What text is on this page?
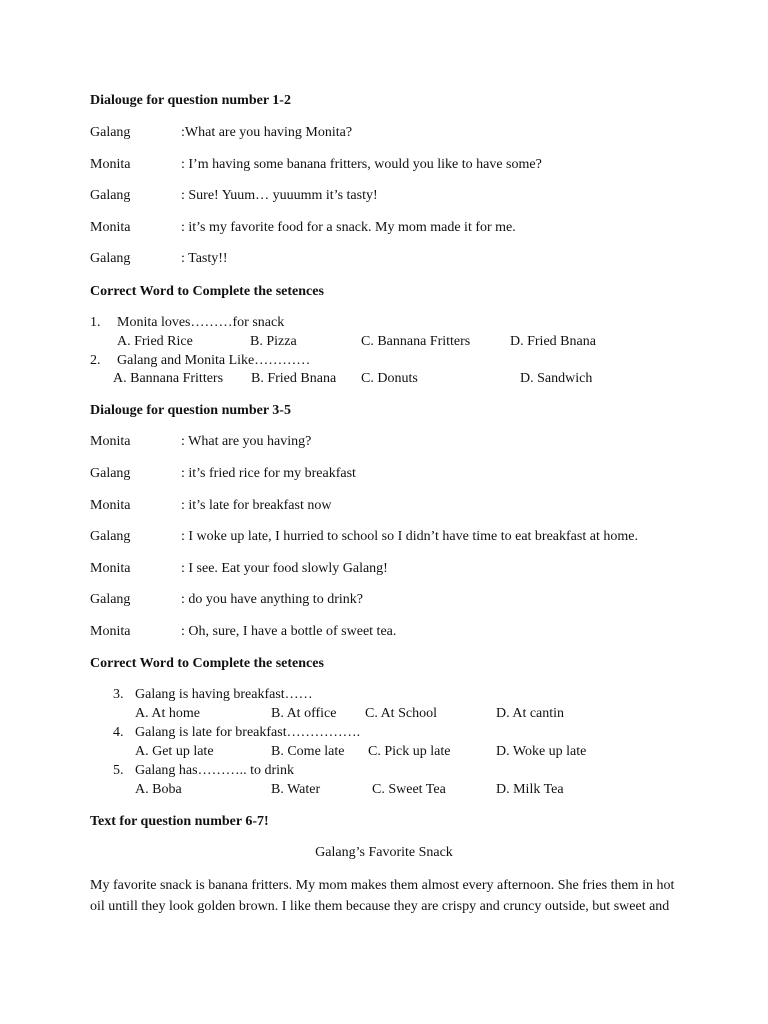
Dialouge for question number 1-2
Galang	:What are you having Monita?
Monita	: I’m having some banana fritters, would you like to have some?
Galang	: Sure! Yuum… yuuumm it’s tasty!
Monita	: it’s my favorite food for a snack. My mom made it for me.
Galang	: Tasty!!
Correct Word to Complete the setences
1. Monita loves………for snack
A. Fried Rice	B. Pizza	C. Bannana Fritters	D. Fried Bnana
2. Galang and Monita Like…………
A. Bannana Fritters B. Fried Bnana C. Donuts	D. Sandwich
Dialouge for question number 3-5
Monita	: What are you having?
Galang	: it’s fried rice for my breakfast
Monita	: it’s late for breakfast now
Galang	: I woke up late, I hurried to school so I didn’t have time to eat breakfast at home.
Monita	: I see. Eat your food slowly Galang!
Galang	: do you have anything to drink?
Monita	: Oh, sure, I have a bottle of sweet tea.
Correct Word to Complete the setences
3. Galang is having breakfast……
A. At home	B. At office C. At School	D. At cantin
4. Galang is late for breakfast…………….
A. Get up late	B. Come late C. Pick up late	D. Woke up late
5. Galang has……….. to drink
A. Boba	B. Water	C. Sweet Tea	D. Milk Tea
Text for question number 6-7!
Galang’s Favorite Snack
My favorite snack is banana fritters. My mom makes them almost every afternoon. She fries them in hot oil untill they look golden brown. I like them because they are crispy and cruncy outside, but sweet and
